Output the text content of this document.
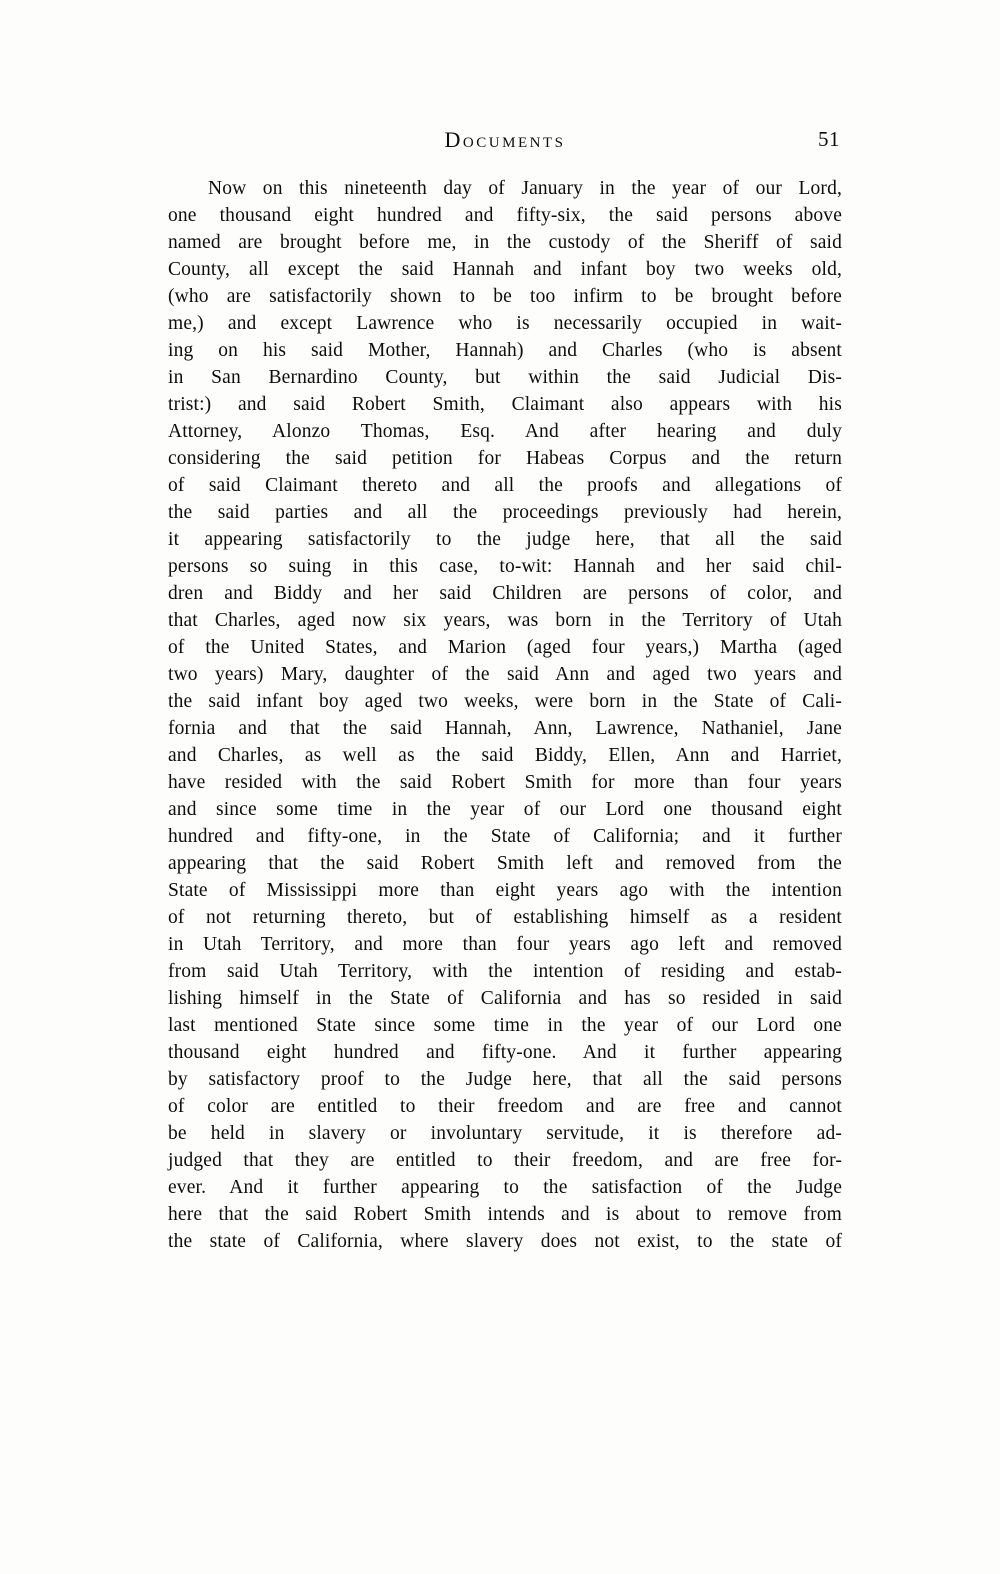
Documents	51
Now on this nineteenth day of January in the year of our Lord,
one thousand eight hundred and fifty-six, the said persons above
named are brought before me, in the custody of the Sheriff of said
County, all except the said Hannah and infant boy two weeks old,
(who are satisfactorily shown to be too infirm to be brought before
me,) and except Lawrence who is necessarily occupied in wait-
ing on his said Mother, Hannah) and Charles (who is absent
in San Bernardino County, but within the said Judicial Dis-
trist:) and said Robert Smith, Claimant also appears with his
Attorney, Alonzo Thomas, Esq. And after hearing and duly
considering the said petition for Habeas Corpus and the return
of said Claimant thereto and all the proofs and allegations of
the said parties and all the proceedings previously had herein,
it appearing satisfactorily to the judge here, that all the said
persons so suing in this case, to-wit: Hannah and her said chil-
dren and Biddy and her said Children are persons of color, and
that Charles, aged now six years, was born in the Territory of Utah
of the United States, and Marion (aged four years,) Martha (aged
two years) Mary, daughter of the said Ann and aged two years and
the said infant boy aged two weeks, were born in the State of Cali-
fornia and that the said Hannah, Ann, Lawrence, Nathaniel, Jane
and Charles, as well as the said Biddy, Ellen, Ann and Harriet,
have resided with the said Robert Smith for more than four years
and since some time in the year of our Lord one thousand eight
hundred and fifty-one, in the State of California; and it further
appearing that the said Robert Smith left and removed from the
State of Mississippi more than eight years ago with the intention
of not returning thereto, but of establishing himself as a resident
in Utah Territory, and more than four years ago left and removed
from said Utah Territory, with the intention of residing and estab-
lishing himself in the State of California and has so resided in said
last mentioned State since some time in the year of our Lord one
thousand eight hundred and fifty-one. And it further appearing
by satisfactory proof to the Judge here, that all the said persons
of color are entitled to their freedom and are free and cannot
be held in slavery or involuntary servitude, it is therefore ad-
judged that they are entitled to their freedom, and are free for-
ever. And it further appearing to the satisfaction of the Judge
here that the said Robert Smith intends and is about to remove from
the state of California, where slavery does not exist, to the state of
